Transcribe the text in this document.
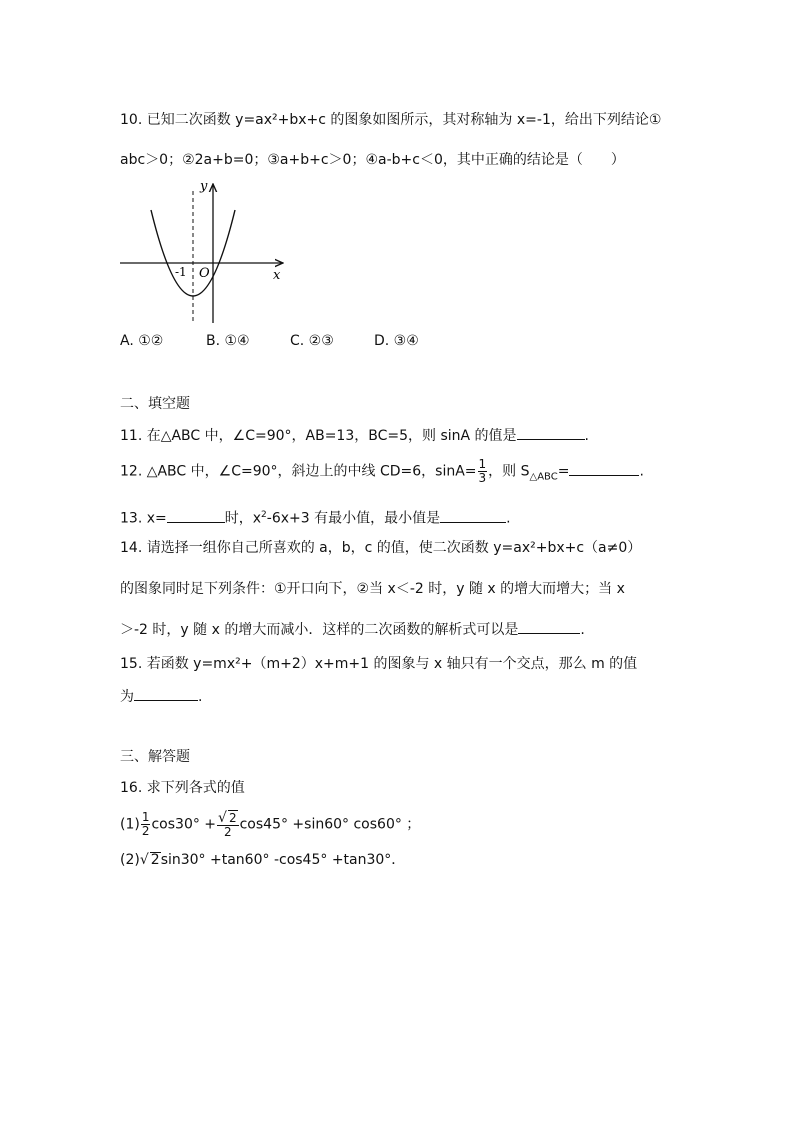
10. 已知二次函数 y=ax²+bx+c 的图象如图所示，其对称轴为 x=-1，给出下列结论①
abc＞0；②2a+b=0；③a+b+c＞0；④a-b+c＜0，其中正确的结论是（　　）
y
x
O
-1
A. ①②	B. ①④	C. ②③	D. ③④
二、填空题
11. 在△ABC 中，∠C=90°，AB=13，BC=5，则 sinA 的值是	.
12. △ABC 中，∠C=90°，斜边上的中线 CD=6，$\sin A= \frac{1}{3}$ ，则 $S_{\triangle ABC}=$	.
13. x=	时，$x^2-6x+3$ 有最小值，最小值是	.
14. 请选择一组你自己所喜欢的 a，b，c 的值，使二次函数 y=ax²+bx+c（a≠0）
的图象同时足下列条件：①开口向下，②当 x＜-2 时，y 随 x 的增大而增大；当 x
＞-2 时，y 随 x 的增大而减小．这样的二次函数的解析式可以是	.
15. 若函数 y=mx²+（m+2）x+m+1 的图象与 x 轴只有一个交点，那么 m 的值
为	.
三、解答题
16. 求下列各式的值
$(1) \frac{1}{2} \cos 30^\circ + \frac{√ 2}{2} \cos 45^\circ +\sin 60^\circ$ cos60° ；
(2)√ 2sin30° +tan60° -cos45° +tan30°．
